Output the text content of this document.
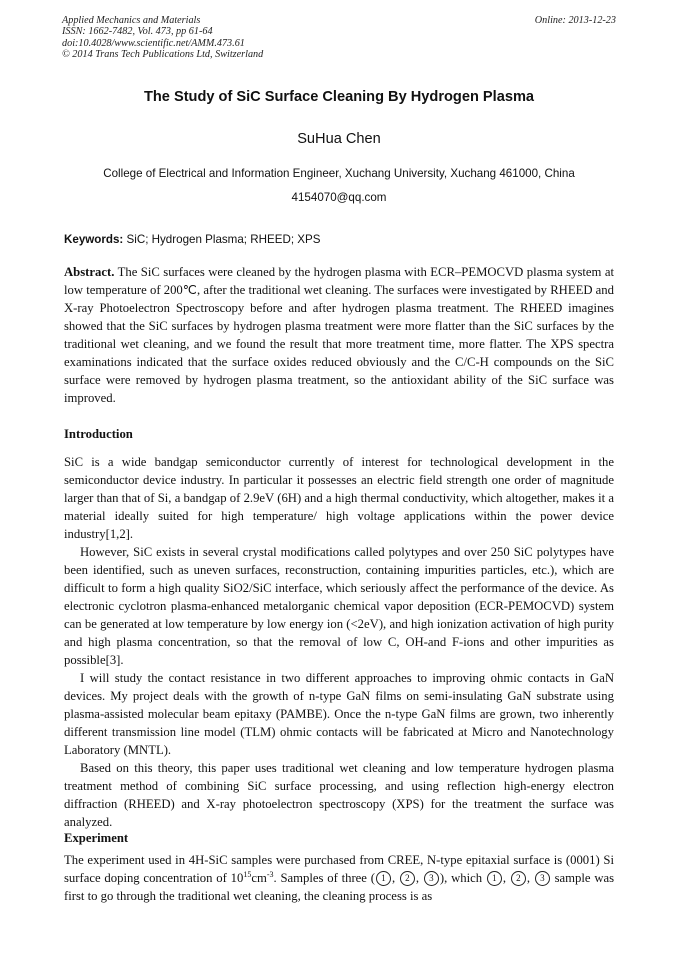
Applied Mechanics and Materials
ISSN: 1662-7482, Vol. 473, pp 61-64
doi:10.4028/www.scientific.net/AMM.473.61
© 2014 Trans Tech Publications Ltd, Switzerland
Online: 2013-12-23
The Study of SiC Surface Cleaning By Hydrogen Plasma
SuHua Chen
College of Electrical and Information Engineer, Xuchang University, Xuchang 461000, China
4154070@qq.com
Keywords: SiC; Hydrogen Plasma; RHEED; XPS
Abstract. The SiC surfaces were cleaned by the hydrogen plasma with ECR–PEMOCVD plasma system at low temperature of 200℃, after the traditional wet cleaning. The surfaces were investigated by RHEED and X-ray Photoelectron Spectroscopy before and after hydrogen plasma treatment. The RHEED imagines showed that the SiC surfaces by hydrogen plasma treatment were more flatter than the SiC surfaces by the traditional wet cleaning, and we found the result that more treatment time, more flatter. The XPS spectra examinations indicated that the surface oxides reduced obviously and the C/C-H compounds on the SiC surface were removed by hydrogen plasma treatment, so the antioxidant ability of the SiC surface was improved.
Introduction

SiC is a wide bandgap semiconductor currently of interest for technological development in the semiconductor device industry. In particular it possesses an electric field strength one order of magnitude larger than that of Si, a bandgap of 2.9eV (6H) and a high thermal conductivity, which altogether, makes it a material ideally suited for high temperature/ high voltage applications within the power device industry[1,2].

However, SiC exists in several crystal modifications called polytypes and over 250 SiC polytypes have been identified, such as uneven surfaces, reconstruction, containing impurities particles, etc.), which are difficult to form a high quality SiO2/SiC interface, which seriously affect the performance of the device. As electronic cyclotron plasma-enhanced metalorganic chemical vapor deposition (ECR-PEMOCVD) system can be generated at low temperature by low energy ion (<2eV), and high ionization activation of high purity and high plasma concentration, so that the removal of low C, OH-and F-ions and other impurities as possible[3].

I will study the contact resistance in two different approaches to improving ohmic contacts in GaN devices. My project deals with the growth of n-type GaN films on semi-insulating GaN substrate using plasma-assisted molecular beam epitaxy (PAMBE). Once the n-type GaN films are grown, two inherently different transmission line model (TLM) ohmic contacts will be fabricated at Micro and Nanotechnology Laboratory (MNTL).

Based on this theory, this paper uses traditional wet cleaning and low temperature hydrogen plasma treatment method of combining SiC surface processing, and using reflection high-energy electron diffraction (RHEED) and X-ray photoelectron spectroscopy (XPS) for the treatment the surface was analyzed.

Experiment
The experiment used in 4H-SiC samples were purchased from CREE, N-type epitaxial surface is (0001) Si surface doping concentration of $10^{15}cm^{-3}$. Samples of three ( 1 , 2 , 3 ), which 1 , 2 , 3 sample was first to go through the traditional wet cleaning, the cleaning process is as
